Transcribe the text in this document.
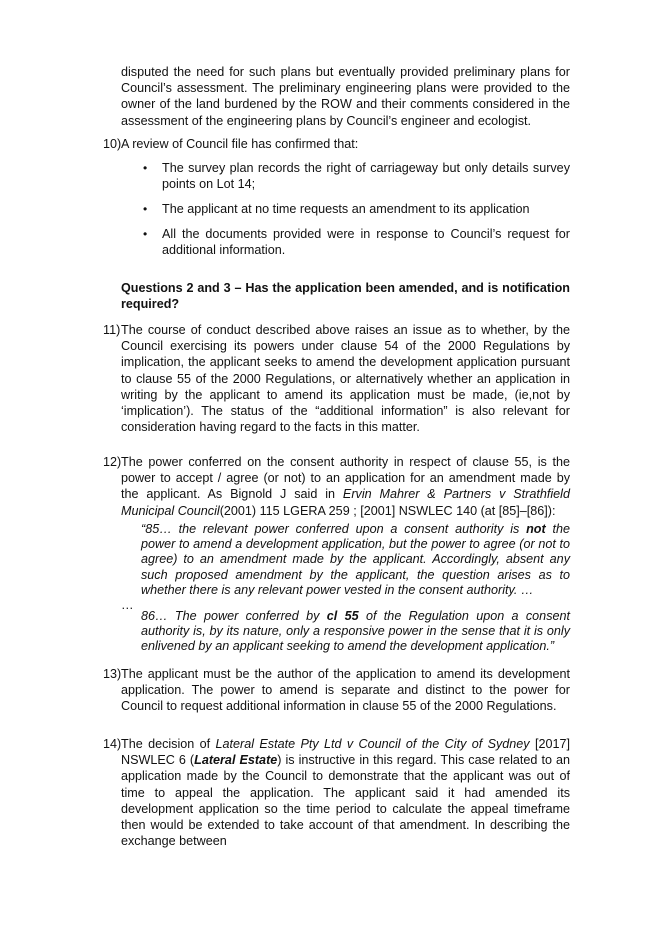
disputed the need for such plans but eventually provided preliminary plans for Council’s assessment. The preliminary engineering plans were provided to the owner of the land burdened by the ROW and their comments considered in the assessment of the engineering plans by Council’s engineer and ecologist.

10) A review of Council file has confirmed that:

• The survey plan records the right of carriageway but only details survey points on Lot 14;

• The applicant at no time requests an amendment to its application

• All the documents provided were in response to Council’s request for additional information.

Questions 2 and 3 – Has the application been amended, and is notification required?

11) The course of conduct described above raises an issue as to whether, by the Council exercising its powers under clause 54 of the 2000 Regulations by implication, the applicant seeks to amend the development application pursuant to clause 55 of the 2000 Regulations, or alternatively whether an application in writing by the applicant to amend its application must be made, (ie,not by ‘implication’). The status of the “additional information” is also relevant for consideration having regard to the facts in this matter.

12) The power conferred on the consent authority in respect of clause 55, is the power to accept / agree (or not) to an application for an amendment made by the applicant. As Bignold J said in Ervin Mahrer & Partners v Strathfield Municipal Council(2001) 115 LGERA 259 ; [2001] NSWLEC 140 (at [85]–[86]):

“85… the relevant power conferred upon a consent authority is not the power to amend a development application, but the power to agree (or not to agree) to an amendment made by the applicant. Accordingly, absent any such proposed amendment by the applicant, the question arises as to whether there is any relevant power vested in the consent authority. …

…

86… The power conferred by cl 55 of the Regulation upon a consent authority is, by its nature, only a responsive power in the sense that it is only enlivened by an applicant seeking to amend the development application.”

13) The applicant must be the author of the application to amend its development application. The power to amend is separate and distinct to the power for Council to request additional information in clause 55 of the 2000 Regulations.

14) The decision of Lateral Estate Pty Ltd v Council of the City of Sydney [2017] NSWLEC 6 (Lateral Estate) is instructive in this regard. This case related to an application made by the Council to demonstrate that the applicant was out of time to appeal the application. The applicant said it had amended its development application so the time period to calculate the appeal timeframe then would be extended to take account of that amendment. In describing the exchange between
